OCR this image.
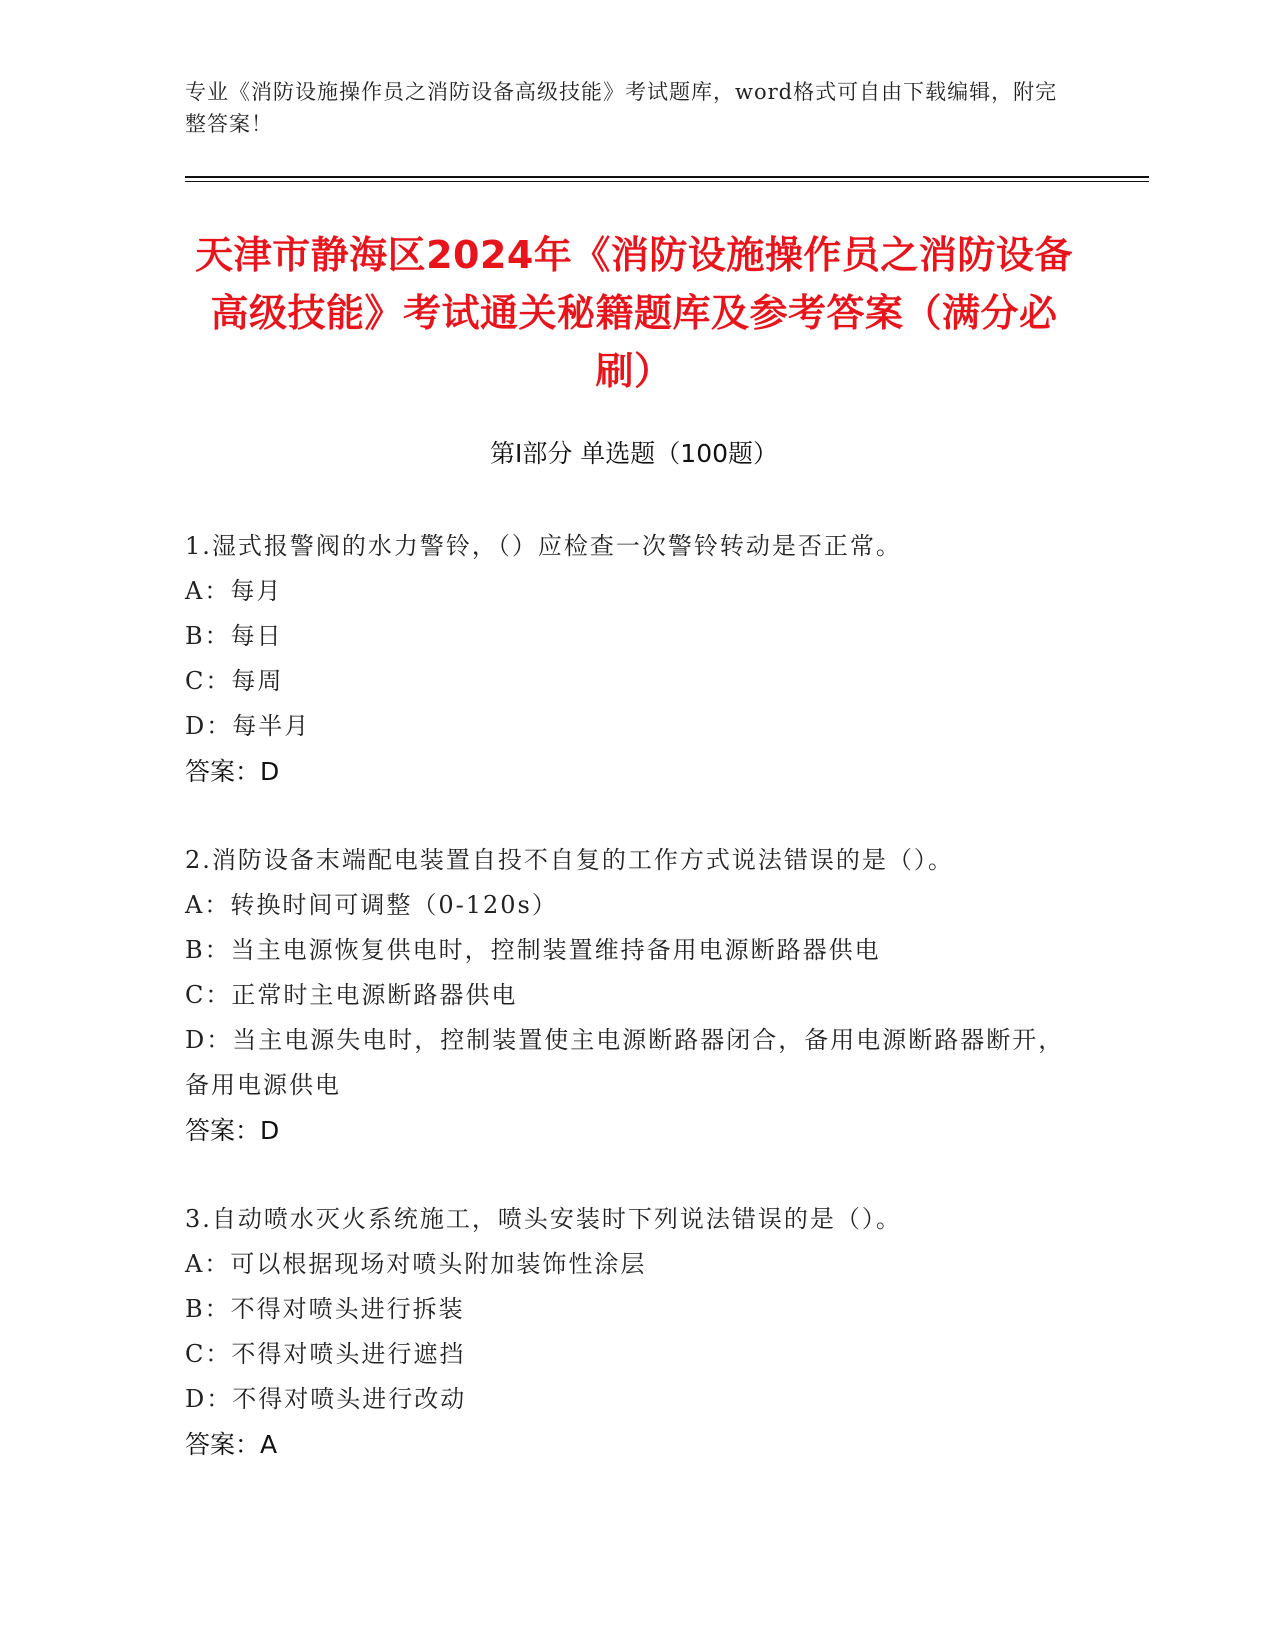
专业《消防设施操作员之消防设备高级技能》考试题库，word格式可自由下载编辑，附完整答案！
天津市静海区2024年《消防设施操作员之消防设备高级技能》考试通关秘籍题库及参考答案（满分必刷）
第Ⅰ部分 单选题（100题）

1.湿式报警阀的水力警铃，（）应检查一次警铃转动是否正常。

A：每月

B：每日

C：每周

D：每半月

答案：D

2.消防设备末端配电装置自投不自复的工作方式说法错误的是（）。

A：转换时间可调整（0-120s）

B：当主电源恢复供电时，控制装置维持备用电源断路器供电

C：正常时主电源断路器供电

D：当主电源失电时，控制装置使主电源断路器闭合，备用电源断路器断开，备用电源供电

答案：D

3.自动喷水灭火系统施工，喷头安装时下列说法错误的是（）。

A：可以根据现场对喷头附加装饰性涂层

B：不得对喷头进行拆装

C：不得对喷头进行遮挡

D：不得对喷头进行改动

答案：A
